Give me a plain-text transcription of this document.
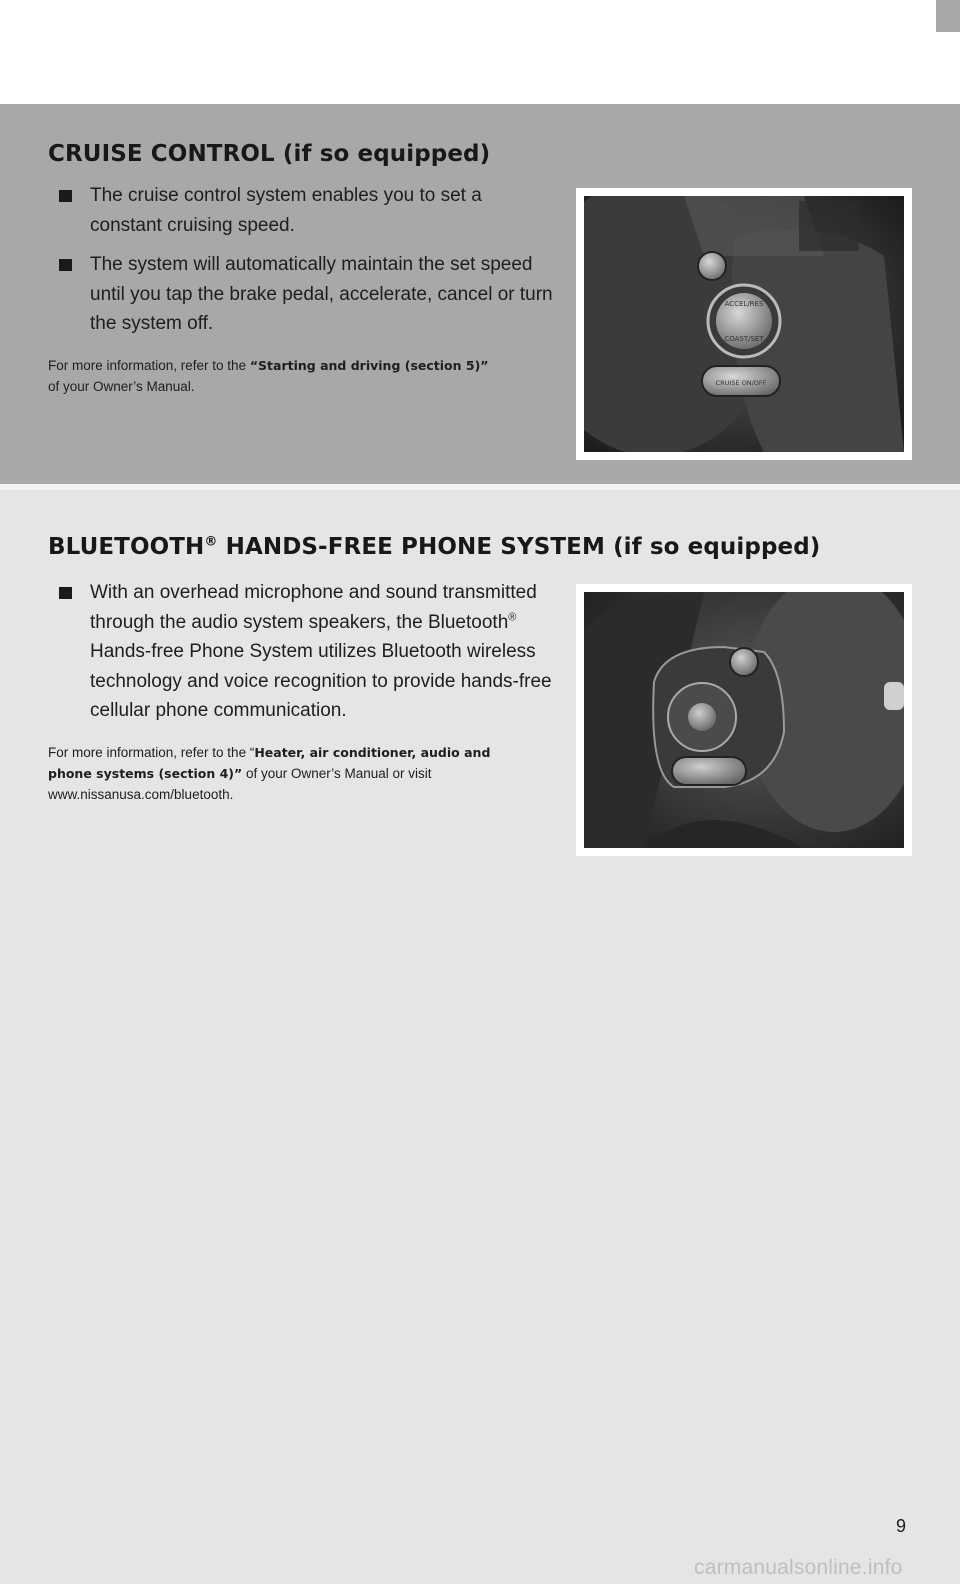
CRUISE CONTROL (if so equipped)
The cruise control system enables you to set a constant cruising speed.
The system will automatically maintain the set speed until you tap the brake pedal, accelerate, cancel or turn the system off.

For more information, refer to the “Starting and driving (section 5)”
of your Owner’s Manual.

ACCEL/RES
COAST/SET
CRUISE ON/OFF
BLUETOOTH® HANDS-FREE PHONE SYSTEM (if so equipped)
With an overhead microphone and sound transmitted through the audio system speakers, the Bluetooth® Hands-free Phone System utilizes Bluetooth wireless technology and voice recognition to provide hands-free cellular phone communication.

For more information, refer to the “Heater, air conditioner, audio and phone systems (section 4)” of your Owner’s Manual or visit www.nissanusa.com/bluetooth.

9
carmanualsonline.info
